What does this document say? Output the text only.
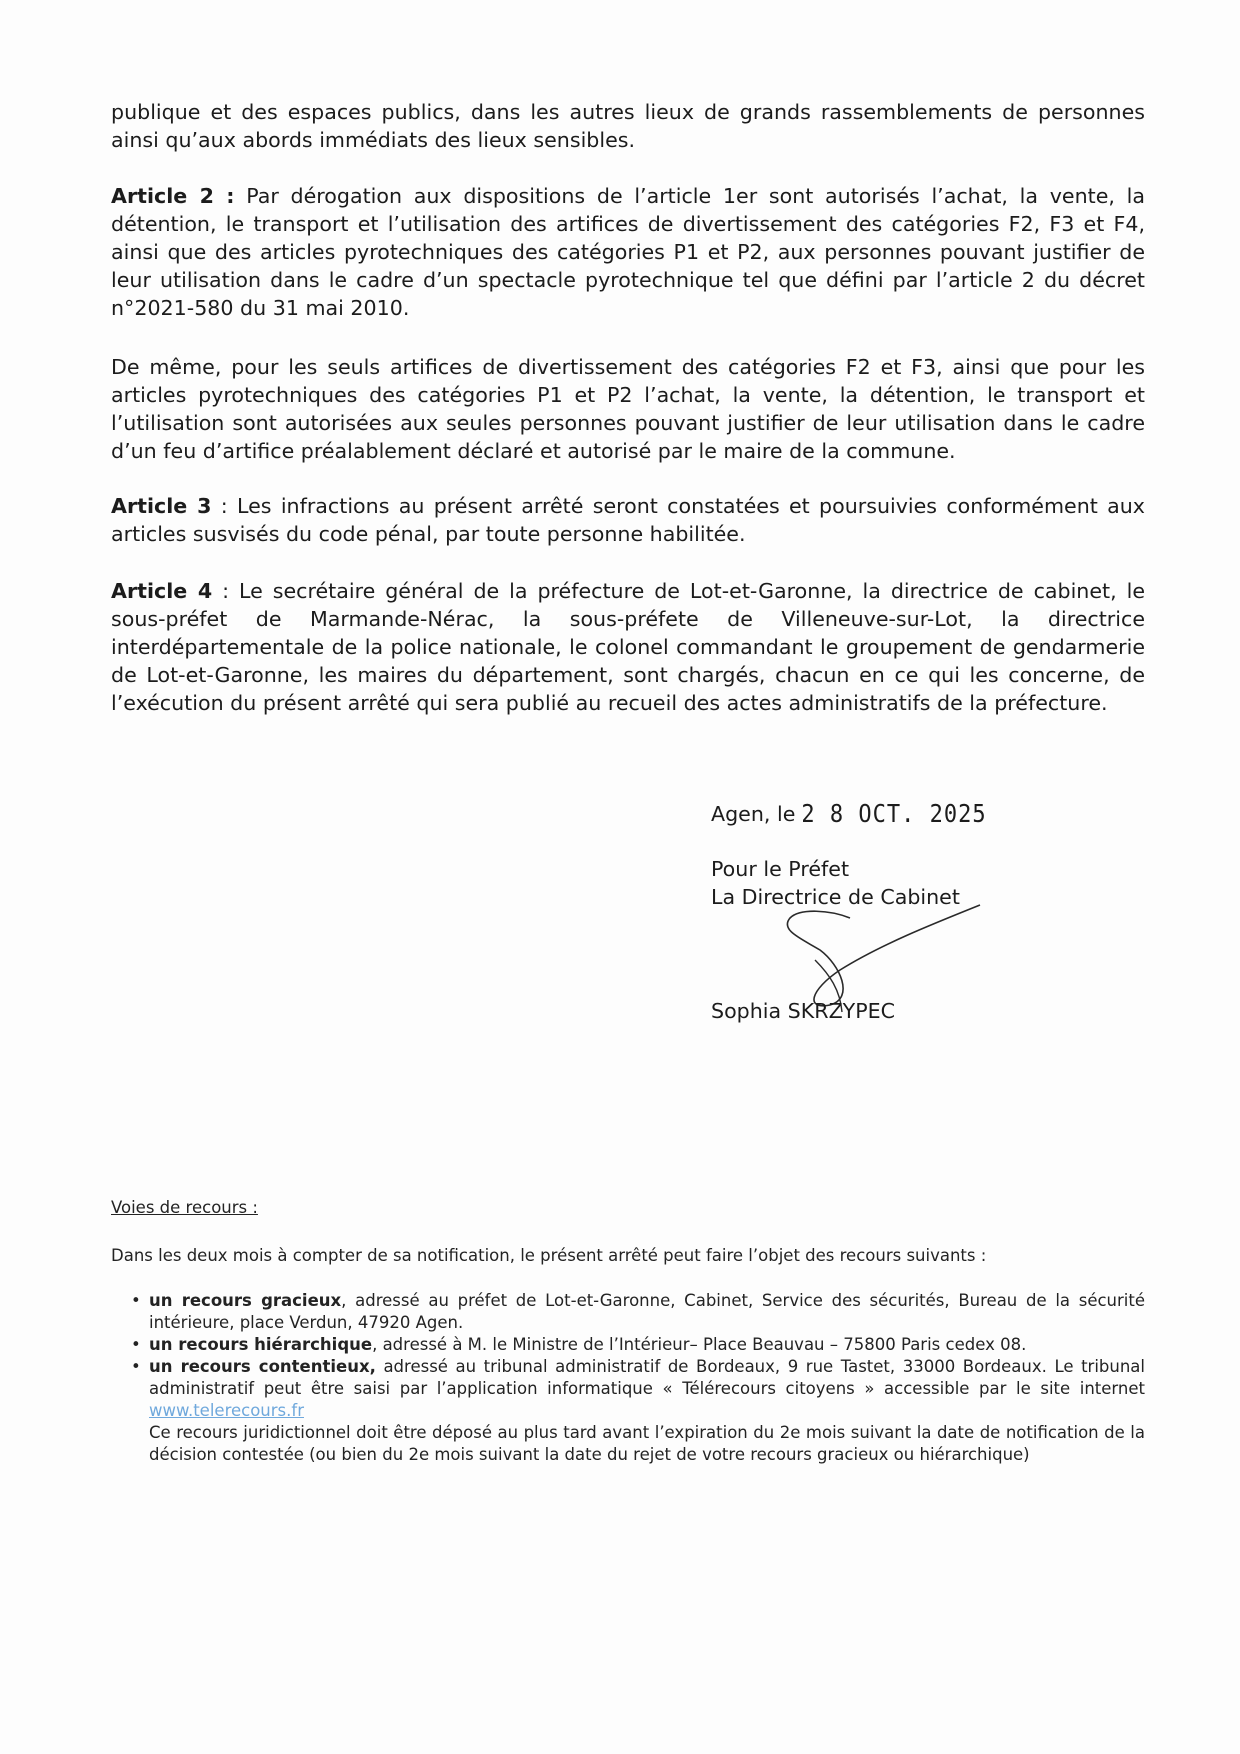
publique et des espaces publics, dans les autres lieux de grands rassemblements de personnes ainsi qu’aux abords immédiats des lieux sensibles.

Article 2 : Par dérogation aux dispositions de l’article 1er sont autorisés l’achat, la vente, la détention, le transport et l’utilisation des artifices de divertissement des catégories F2, F3 et F4, ainsi que des articles pyrotechniques des catégories P1 et P2, aux personnes pouvant justifier de leur utilisation dans le cadre d’un spectacle pyrotechnique tel que défini par l’article 2 du décret n°2021-580 du 31 mai 2010.

De même, pour les seuls artifices de divertissement des catégories F2 et F3, ainsi que pour les articles pyrotechniques des catégories P1 et P2 l’achat, la vente, la détention, le transport et l’utilisation sont autorisées aux seules personnes pouvant justifier de leur utilisation dans le cadre d’un feu d’artifice préalablement déclaré et autorisé par le maire de la commune.

Article 3 : Les infractions au présent arrêté seront constatées et poursuivies conformément aux articles susvisés du code pénal, par toute personne habilitée.

Article 4 : Le secrétaire général de la préfecture de Lot-et-Garonne, la directrice de cabinet, le sous-préfet de Marmande-Nérac, la sous-préfete de Villeneuve-sur-Lot, la directrice interdépartementale de la police nationale, le colonel commandant le groupement de gendarmerie de Lot-et-Garonne, les maires du département, sont chargés, chacun en ce qui les concerne, de l’exécution du présent arrêté qui sera publié au recueil des actes administratifs de la préfecture.

Agen, le 2 8 OCT. 2025
Pour le Préfet
La Directrice de Cabinet
Sophia SKRZYPEC

Voies de recours :

Dans les deux mois à compter de sa notification, le présent arrêté peut faire l’objet des recours suivants :

• un recours gracieux, adressé au préfet de Lot-et-Garonne, Cabinet, Service des sécurités, Bureau de la sécurité intérieure, place Verdun, 47920 Agen.
• un recours hiérarchique, adressé à M. le Ministre de l’Intérieur– Place Beauvau – 75800 Paris cedex 08.
• un recours contentieux, adressé au tribunal administratif de Bordeaux, 9 rue Tastet, 33000 Bordeaux. Le tribunal administratif peut être saisi par l’application informatique « Télérecours citoyens » accessible par le site internet www.telerecours.fr
Ce recours juridictionnel doit être déposé au plus tard avant l’expiration du 2e mois suivant la date de notification de la décision contestée (ou bien du 2e mois suivant la date du rejet de votre recours gracieux ou hiérarchique)
